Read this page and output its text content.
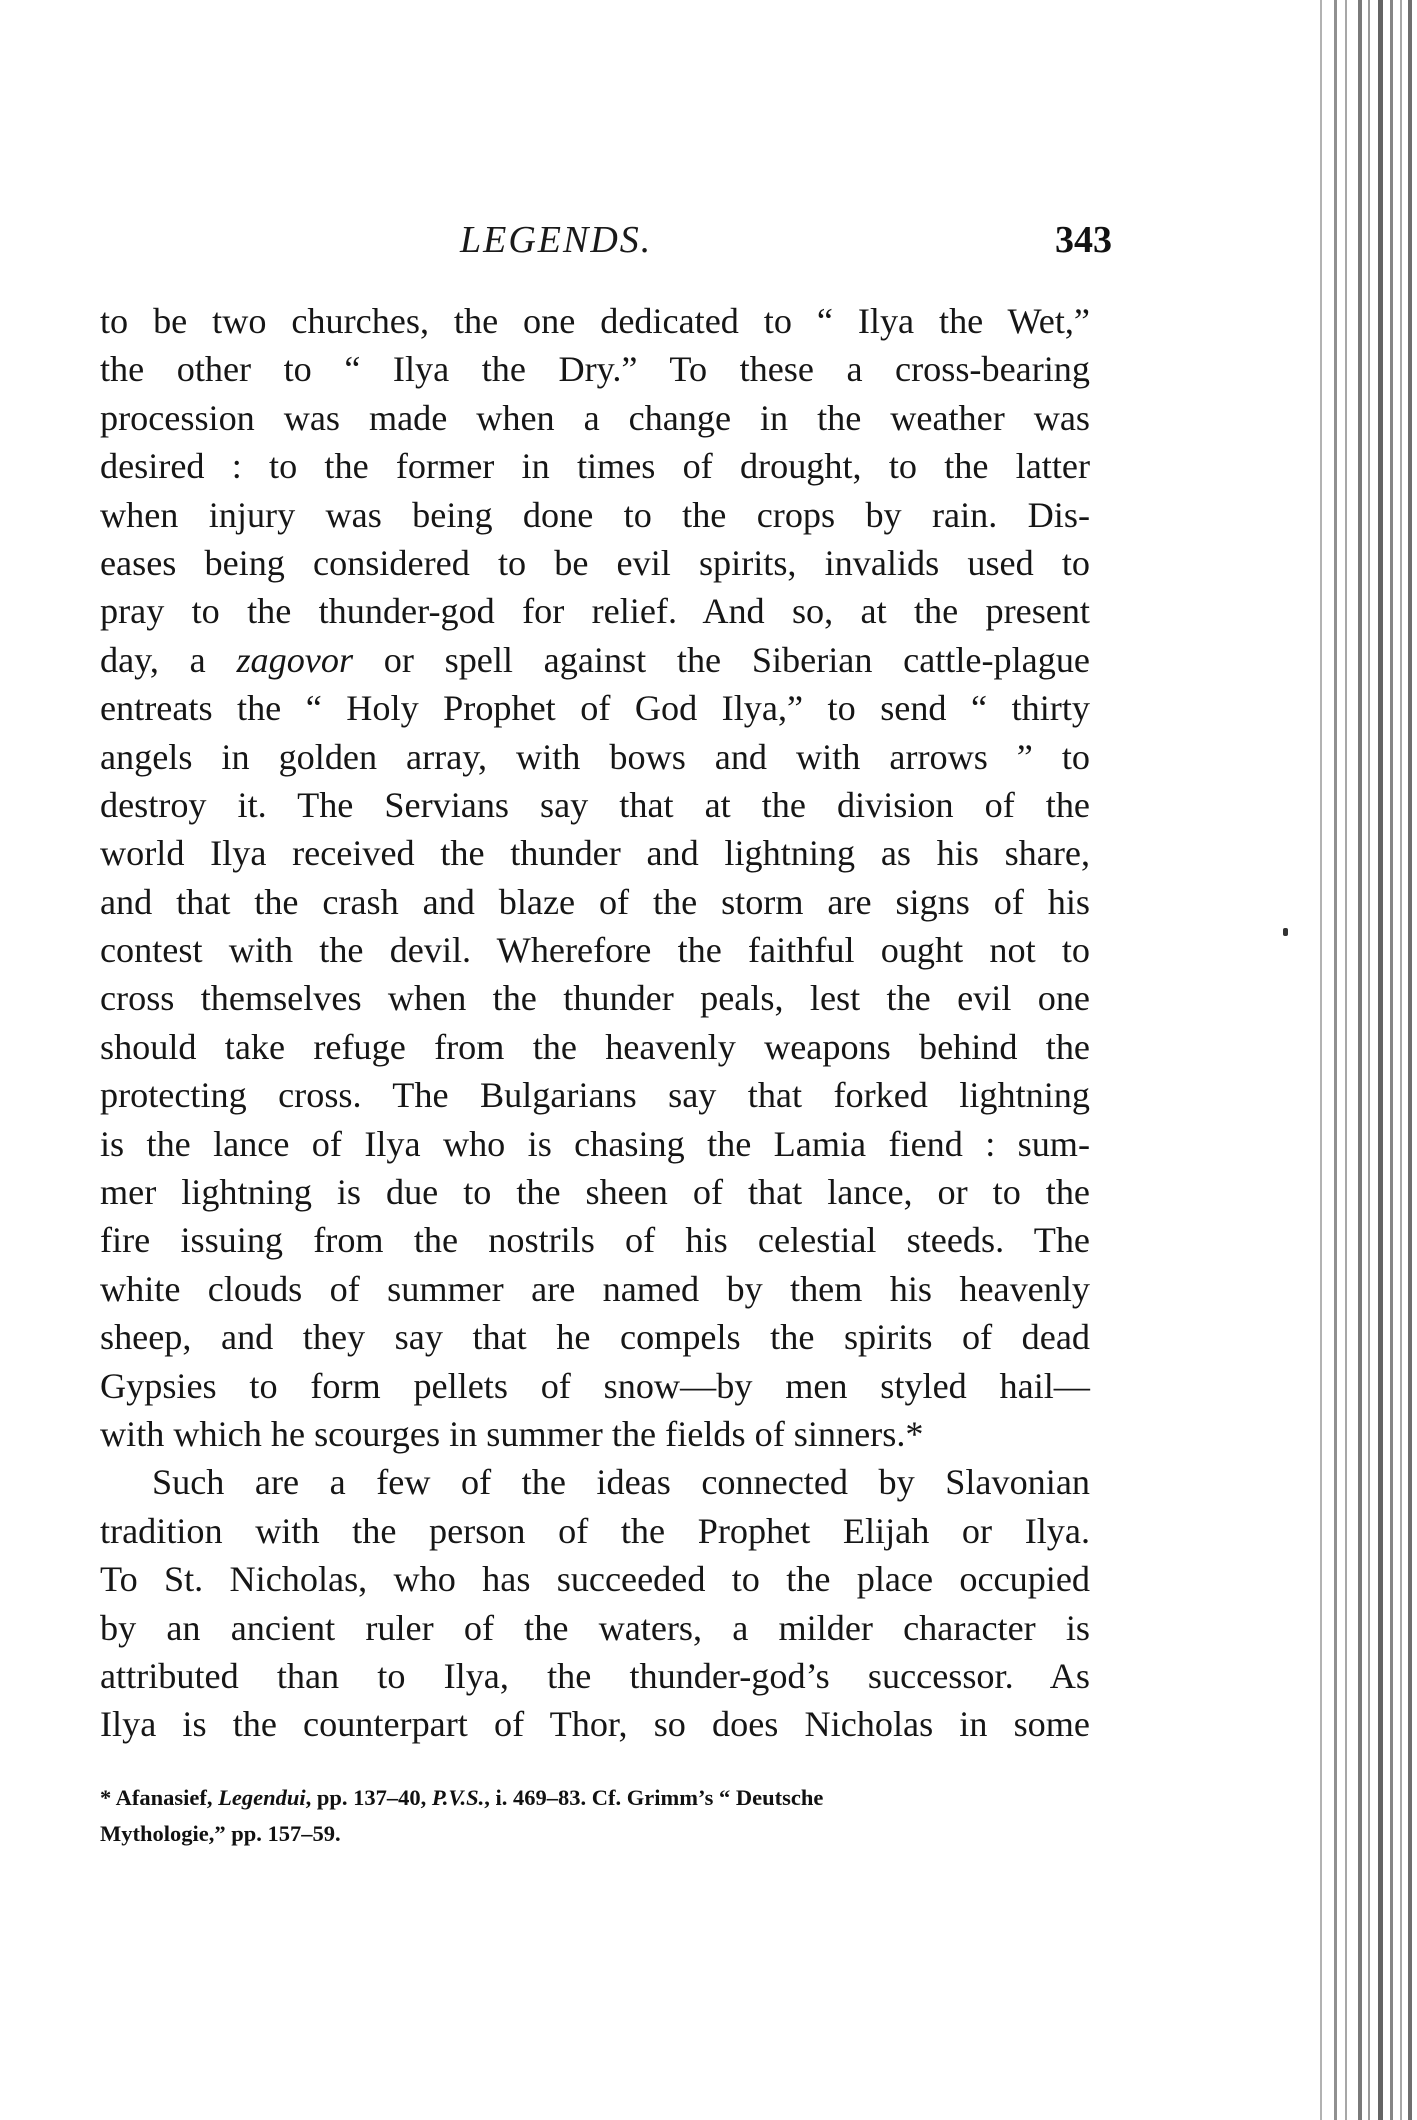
LEGENDS.	343
to be two churches, the one dedicated to “ Ilya the Wet,”
the other to “ Ilya the Dry.” To these a cross-bearing
procession was made when a change in the weather was
desired : to the former in times of drought, to the latter
when injury was being done to the crops by rain. Dis-
eases being considered to be evil spirits, invalids used to
pray to the thunder-god for relief. And so, at the present
day, a zagovor or spell against the Siberian cattle-plague
entreats the “ Holy Prophet of God Ilya,” to send “ thirty
angels in golden array, with bows and with arrows ” to
destroy it. The Servians say that at the division of the
world Ilya received the thunder and lightning as his share,
and that the crash and blaze of the storm are signs of his
contest with the devil. Wherefore the faithful ought not to
cross themselves when the thunder peals, lest the evil one
should take refuge from the heavenly weapons behind the
protecting cross. The Bulgarians say that forked lightning
is the lance of Ilya who is chasing the Lamia fiend : sum-
mer lightning is due to the sheen of that lance, or to the
fire issuing from the nostrils of his celestial steeds. The
white clouds of summer are named by them his heavenly
sheep, and they say that he compels the spirits of dead
Gypsies to form pellets of snow—by men styled hail—
with which he scourges in summer the fields of sinners.*
Such are a few of the ideas connected by Slavonian
tradition with the person of the Prophet Elijah or Ilya.
To St. Nicholas, who has succeeded to the place occupied
by an ancient ruler of the waters, a milder character is
attributed than to Ilya, the thunder-god’s successor. As
Ilya is the counterpart of Thor, so does Nicholas in some
* Afanasief, Legendui, pp. 137–40, P.V.S., i. 469–83. Cf. Grimm’s “ Deutsche
Mythologie,” pp. 157–59.
